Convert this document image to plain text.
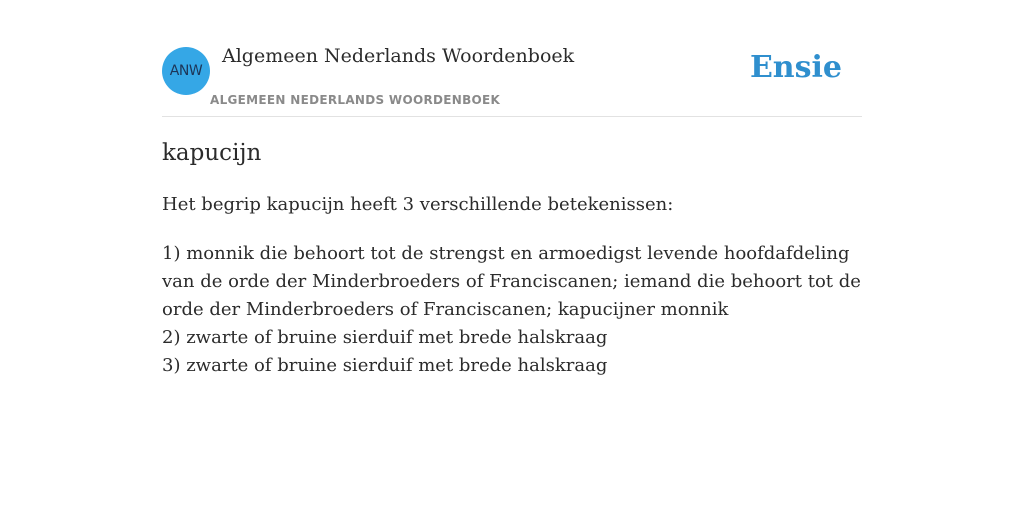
ANW
Algemeen Nederlands Woordenboek
ALGEMEEN NEDERLANDS WOORDENBOEK
Ensie
kapucijn
Het begrip kapucijn heeft 3 verschillende betekenissen:

1) monnik die behoort tot de strengst en armoedigst levende hoofdafdeling van de orde der Minderbroeders of Franciscanen; iemand die behoort tot de orde der Minderbroeders of Franciscanen; kapucijner monnik

2) zwarte of bruine sierduif met brede halskraag

3) zwarte of bruine sierduif met brede halskraag
